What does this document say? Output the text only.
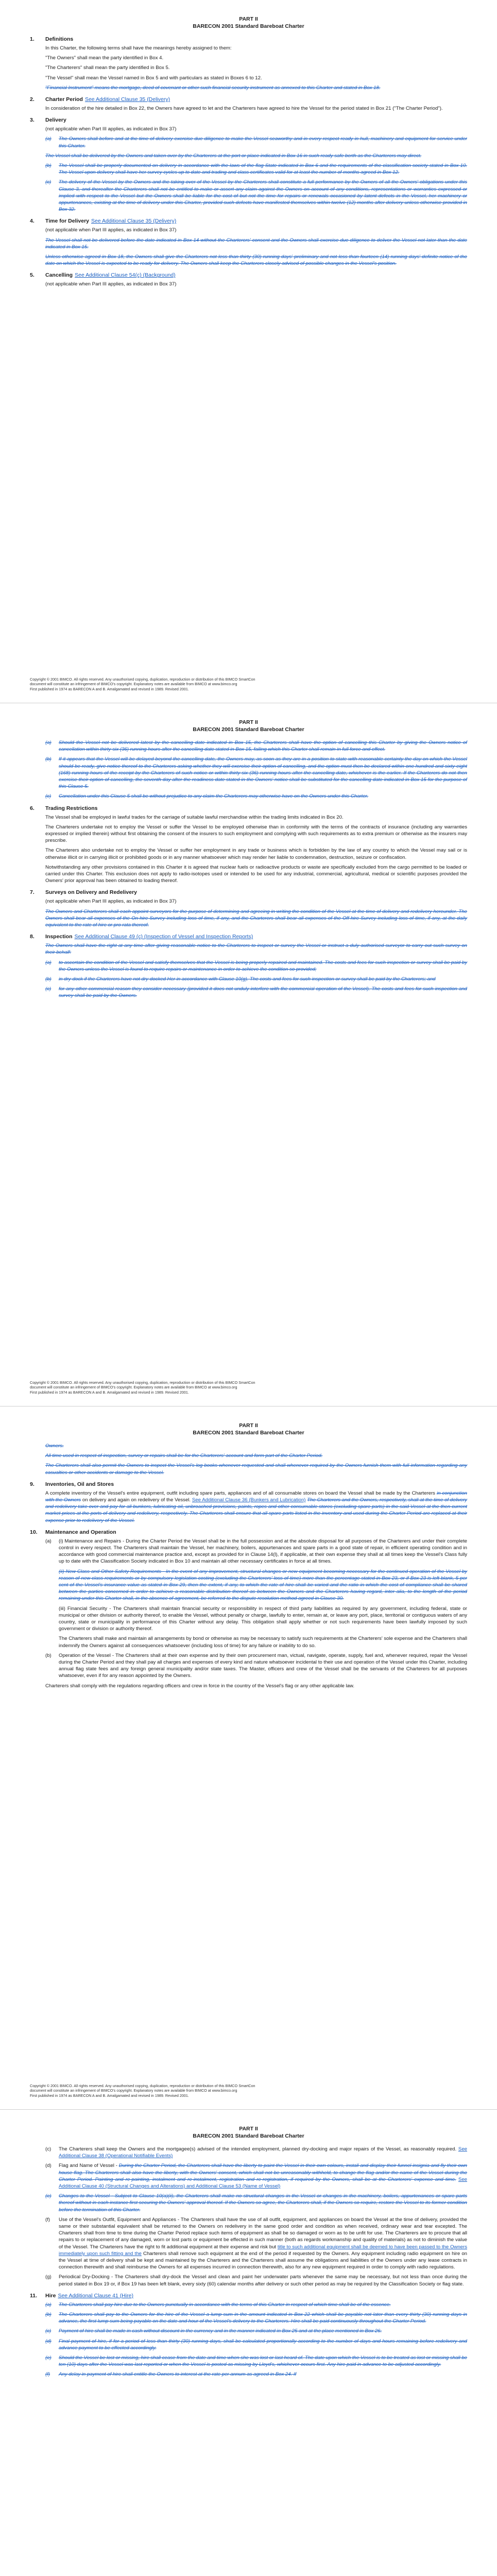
PART II
BARECON 2001 Standard Bareboat Charter
1.	Definitions
In this Charter, the following terms shall have the meanings hereby assigned to them:
"The Owners" shall mean the party identified in Box 4.
"The Charterers" shall mean the party identified in Box 5.
"The Vessel" shall mean the Vessel named in Box 5 and with particulars as stated in Boxes 6 to 12.
"Financial Instrument" means the mortgage, deed of covenant or other such financial security instrument as annexed to this Charter and stated in Box 18.
2.	Charter Period See Additional Clause 35 (Delivery)
In consideration of the hire detailed in Box 22, the Owners have agreed to let and the Charterers have agreed to hire the Vessel for the period stated in Box 21 ("The Charter Period").
3.	Delivery
(not applicable when Part III applies, as indicated in Box 37)
(a)	The Owners shall before and at the time of delivery exercise due diligence to make the Vessel seaworthy and in every respect ready in hull, machinery and equipment for service under this Charter.
The Vessel shall be delivered by the Owners and taken over by the Charterers at the port or place indicated in Box 16 in such ready safe berth as the Charterers may direct.
(b)	The Vessel shall be properly documented on delivery in accordance with the laws of the flag State indicated in Box 6 and the requirements of the classification society stated in Box 10. The Vessel upon delivery shall have her survey cycles up to date and trading and class certificates valid for at least the number of months agreed in Box 12.
(c)	The delivery of the Vessel by the Owners and the taking over of the Vessel by the Charterers shall constitute a full performance by the Owners of all the Owners' obligations under this Clause 3, and thereafter the Charterers shall not be entitled to make or assert any claim against the Owners on account of any conditions, representations or warranties expressed or implied with respect to the Vessel but the Owners shall be liable for the cost of but not the time for repairs or renewals occasioned by latent defects in the Vessel, her machinery or appurtenances, existing at the time of delivery under this Charter, provided such defects have manifested themselves within twelve (12) months after delivery unless otherwise provided in Box 32.
4.	Time for Delivery See Additional Clause 35 (Delivery)
(not applicable when Part III applies, as indicated in Box 37)
The Vessel shall not be delivered before the date indicated in Box 14 without the Charterers' consent and the Owners shall exercise due diligence to deliver the Vessel not later than the date indicated in Box 15.
Unless otherwise agreed in Box 18, the Owners shall give the Charterers not less than thirty (30) running days' preliminary and not less than fourteen (14) running days' definite notice of the date on which the Vessel is expected to be ready for delivery. The Owners shall keep the Charterers closely advised of possible changes in the Vessel's position.
5.	Cancelling See Additional Clause 54(c) (Background)
(not applicable when Part III applies, as indicated in Box 37)
Copyright © 2001 BIMCO. All rights reserved. Any unauthorised copying, duplication, reproduction or distribution of this BIMCO SmartCon
document will constitute an infringement of BIMCO's copyright. Explanatory notes are available from BIMCO at www.bimco.org
First published in 1974 as BARECON A and B. Amalgamated and revised in 1989. Revised 2001.
PART II
BARECON 2001 Standard Bareboat Charter
(a)	Should the Vessel not be delivered latest by the cancelling date indicated in Box 15, the Charterers shall have the option of cancelling this Charter by giving the Owners notice of cancellation within thirty-six (36) running hours after the cancelling date stated in Box 15, failing which this Charter shall remain in full force and effect.
(b)	If it appears that the Vessel will be delayed beyond the cancelling date, the Owners may, as soon as they are in a position to state with reasonable certainty the day on which the Vessel should be ready, give notice thereof to the Charterers asking whether they will exercise their option of cancelling, and the option must then be declared within one hundred and sixty-eight (168) running hours of the receipt by the Charterers of such notice or within thirty-six (36) running hours after the cancelling date, whichever is the earlier. If the Charterers do not then exercise their option of cancelling, the seventh day after the readiness date stated in the Owners' notice shall be substituted for the cancelling date indicated in Box 15 for the purpose of this Clause 5.
(c)	Cancellation under this Clause 5 shall be without prejudice to any claim the Charterers may otherwise have on the Owners under this Charter.
6.	Trading Restrictions
The Vessel shall be employed in lawful trades for the carriage of suitable lawful merchandise within the trading limits indicated in Box 20.
The Charterers undertake not to employ the Vessel or suffer the Vessel to be employed otherwise than in conformity with the terms of the contracts of insurance (including any warranties expressed or implied therein) without first obtaining the consent of the insurers to such employment and complying with such requirements as to extra premium or otherwise as the insurers may prescribe.
The Charterers also undertake not to employ the Vessel or suffer her employment in any trade or business which is forbidden by the law of any country to which the Vessel may sail or is otherwise illicit or in carrying illicit or prohibited goods or in any manner whatsoever which may render her liable to condemnation, destruction, seizure or confiscation.
Notwithstanding any other provisions contained in this Charter it is agreed that nuclear fuels or radioactive products or waste are specifically excluded from the cargo permitted to be loaded or carried under this Charter. This exclusion does not apply to radio-isotopes used or intended to be used for any industrial, commercial, agricultural, medical or scientific purposes provided the Owners' prior approval has been obtained to loading thereof.
7.	Surveys on Delivery and Redelivery
(not applicable when Part III applies, as indicated in Box 37)
The Owners and Charterers shall each appoint surveyors for the purpose of determining and agreeing in writing the condition of the Vessel at the time of delivery and redelivery hereunder. The Owners shall bear all expenses of the On-hire Survey including loss of time, if any, and the Charterers shall bear all expenses of the Off-hire Survey including loss of time, if any, at the daily equivalent to the rate of hire or pro rata thereof.
8.	Inspection See Additional Clause 49 (c) (Inspection of Vessel and Inspection Reports)
The Owners shall have the right at any time after giving reasonable notice to the Charterers to inspect or survey the Vessel or instruct a duly authorised surveyor to carry out such survey on their behalf:
(a)	to ascertain the condition of the Vessel and satisfy themselves that the Vessel is being properly repaired and maintained. The costs and fees for such inspection or survey shall be paid by the Owners unless the Vessel is found to require repairs or maintenance in order to achieve the condition so provided;
(b)	in dry-dock if the Charterers have not dry-docked Her in accordance with Clause 10(g). The costs and fees for such inspection or survey shall be paid by the Charterers; and
(c)	for any other commercial reason they consider necessary (provided it does not unduly interfere with the commercial operation of the Vessel). The costs and fees for such inspection and survey shall be paid by the Owners.
Copyright © 2001 BIMCO. All rights reserved. Any unauthorised copying, duplication, reproduction or distribution of this BIMCO SmartCon
document will constitute an infringement of BIMCO's copyright. Explanatory notes are available from BIMCO at www.bimco.org
First published in 1974 as BARECON A and B. Amalgamated and revised in 1989. Revised 2001.
PART II
BARECON 2001 Standard Bareboat Charter
Owners.
All time used in respect of inspection, survey or repairs shall be for the Charterers' account and form part of the Charter Period.
The Charterers shall also permit the Owners to inspect the Vessel's log books whenever requested and shall whenever required by the Owners furnish them with full information regarding any casualties or other accidents or damage to the Vessel.
9.	Inventories, Oil and Stores
A complete inventory of the Vessel's entire equipment, outfit including spare parts, appliances and of all consumable stores on board the Vessel shall be made by the Charterers in conjunction with the Owners on delivery and again on redelivery of the Vessel. See Additional Clause 36 (Bunkers and Lubrication) The Charterers and the Owners, respectively, shall at the time of delivery and redelivery take over and pay for all bunkers, lubricating oil, unbroached provisions, paints, ropes and other consumable stores (excluding spare parts) in the said Vessel at the then current market prices at the ports of delivery and redelivery, respectively. The Charterers shall ensure that all spare parts listed in the inventory and used during the Charter Period are replaced at their expense prior to redelivery of the Vessel.
10.	Maintenance and Operation
(a)	(i) Maintenance and Repairs - During the Charter Period the Vessel shall be in the full possession and at the absolute disposal for all purposes of the Charterers and under their complete control in every respect. The Charterers shall maintain the Vessel, her machinery, boilers, appurtenances and spare parts in a good state of repair, in efficient operating condition and in accordance with good commercial maintenance practice and, except as provided for in Clause 14(l), if applicable, at their own expense they shall at all times keep the Vessel's Class fully up to date with the Classification Society indicated in Box 10 and maintain all other necessary certificates in force at all times.
(ii) New Class and Other Safety Requirements - In the event of any improvement, structural changes or new equipment becoming necessary for the continued operation of the Vessel by reason of new class requirements or by compulsory legislation costing (excluding the Charterers' loss of time) more than the percentage stated in Box 23, or if Box 23 is left blank, 5 per cent of the Vessel's insurance value as stated in Box 29, then the extent, if any, to which the rate of hire shall be varied and the ratio in which the cost of compliance shall be shared between the parties concerned in order to achieve a reasonable distribution thereof as between the Owners and the Charterers having regard, inter alia, to the length of the period remaining under this Charter shall, in the absence of agreement, be referred to the dispute resolution method agreed in Clause 30.
(iii) Financial Security - The Charterers shall maintain financial security or responsibility in respect of third party liabilities as required by any government, including federal, state or municipal or other division or authority thereof, to enable the Vessel, without penalty or charge, lawfully to enter, remain at, or leave any port, place, territorial or contiguous waters of any country, state or municipality in performance of this Charter without any delay. This obligation shall apply whether or not such requirements have been lawfully imposed by such government or division or authority thereof.
The Charterers shall make and maintain all arrangements by bond or otherwise as may be necessary to satisfy such requirements at the Charterers' sole expense and the Charterers shall indemnify the Owners against all consequences whatsoever (including loss of time) for any failure or inability to do so.
(b)	Operation of the Vessel - The Charterers shall at their own expense and by their own procurement man, victual, navigate, operate, supply, fuel and, whenever required, repair the Vessel during the Charter Period and they shall pay all charges and expenses of every kind and nature whatsoever incidental to their use and operation of the Vessel under this Charter, including annual flag state fees and any foreign general municipality and/or state taxes. The Master, officers and crew of the Vessel shall be the servants of the Charterers for all purposes whatsoever, even if for any reason appointed by the Owners.
Charterers shall comply with the regulations regarding officers and crew in force in the country of the Vessel's flag or any other applicable law.
Copyright © 2001 BIMCO. All rights reserved. Any unauthorised copying, duplication, reproduction or distribution of this BIMCO SmartCon
document will constitute an infringement of BIMCO's copyright. Explanatory notes are available from BIMCO at www.bimco.org
First published in 1974 as BARECON A and B. Amalgamated and revised in 1989. Revised 2001.
PART II
BARECON 2001 Standard Bareboat Charter
(c)	The Charterers shall keep the Owners and the mortgagee(s) advised of the intended employment, planned dry-docking and major repairs of the Vessel, as reasonably required. See Additional Clause 38 (Operational Notifiable Events)
(d)	Flag and Name of Vessel - During the Charter Period, the Charterers shall have the liberty to paint the Vessel in their own colours, install and display their funnel insignia and fly their own house flag. The Charterers shall also have the liberty, with the Owners' consent, which shall not be unreasonably withheld, to change the flag and/or the name of the Vessel during the Charter Period. Painting and re-painting, instalment and re-instalment, registration and re-registration, if required by the Owners, shall be at the Charterers' expense and time. See Additional Clause 40 (Structural Changes and Alterations) and Additional Clause 53 (Name of Vessel)
(e)	Changes to the Vessel - Subject to Clause 10(a)(ii), the Charterers shall make no structural changes in the Vessel or changes in the machinery, boilers, appurtenances or spare parts thereof without in each instance first securing the Owners' approval thereof. If the Owners so agree, the Charterers shall, if the Owners so require, restore the Vessel to its former condition before the termination of this Charter.
(f)	Use of the Vessel's Outfit, Equipment and Appliances - The Charterers shall have the use of all outfit, equipment, and appliances on board the Vessel at the time of delivery, provided the same or their substantial equivalent shall be returned to the Owners on redelivery in the same good order and condition as when received, ordinary wear and tear excepted. The Charterers shall from time to time during the Charter Period replace such items of equipment as shall be so damaged or worn as to be unfit for use. The Charterers are to procure that all repairs to or replacement of any damaged, worn or lost parts or equipment be effected in such manner (both as regards workmanship and quality of materials) as not to diminish the value of the Vessel. The Charterers have the right to fit additional equipment at their expense and risk but title to such additional equipment shall be deemed to have been passed to the Owners immediately upon such fitting and the Charterers shall remove such equipment at the end of the period if requested by the Owners. Any equipment including radio equipment on hire on the Vessel at time of delivery shall be kept and maintained by the Charterers and the Charterers shall assume the obligations and liabilities of the Owners under any lease contracts in connection therewith and shall reimburse the Owners for all expenses incurred in connection therewith, also for any new equipment required in order to comply with radio regulations.
(g)	Periodical Dry-Docking - The Charterers shall dry-dock the Vessel and clean and paint her underwater parts whenever the same may be necessary, but not less than once during the period stated in Box 19 or, if Box 19 has been left blank, every sixty (60) calendar months after delivery or such other period as may be required by the Classification Society or flag state.
11.	Hire See Additional Clause 41 (Hire)
(a)	The Charterers shall pay hire due to the Owners punctually in accordance with the terms of this Charter in respect of which time shall be of the essence.
(b)	The Charterers shall pay to the Owners for the hire of the Vessel a lump sum in the amount indicated in Box 22 which shall be payable not later than every thirty (30) running days in advance, the first lump sum being payable on the date and hour of the Vessel's delivery to the Charterers. Hire shall be paid continuously throughout the Charter Period.
(c)	Payment of hire shall be made in cash without discount in the currency and in the manner indicated in Box 25 and at the place mentioned in Box 26.
(d)	Final payment of hire, if for a period of less than thirty (30) running days, shall be calculated proportionally according to the number of days and hours remaining before redelivery and advance payment to be effected accordingly.
(e)	Should the Vessel be lost or missing, hire shall cease from the date and time when she was lost or last heard of. The date upon which the Vessel is to be treated as lost or missing shall be ten (10) days after the Vessel was last reported or when the Vessel is posted as missing by Lloyd's, whichever occurs first. Any hire paid in advance to be adjusted accordingly.
(f)	Any delay in payment of hire shall entitle the Owners to interest at the rate per annum as agreed in Box 24. If
